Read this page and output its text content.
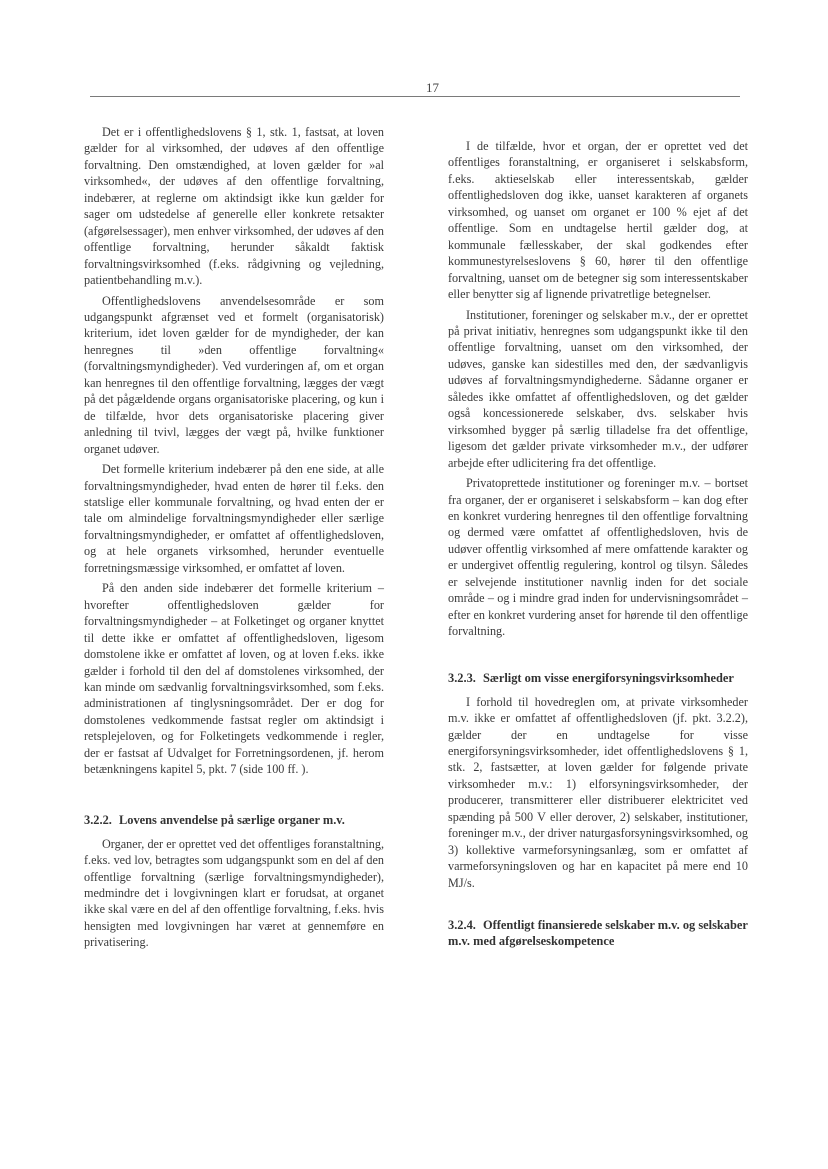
17

Det er i offentlighedslovens § 1, stk. 1, fastsat, at loven gælder for al virksomhed, der udøves af den offentlige forvaltning. Den omstændighed, at loven gælder for »al virksomhed«, der udøves af den offentlige forvaltning, indebærer, at reglerne om aktindsigt ikke kun gælder for sager om udstedelse af generelle eller konkrete retsakter (afgørelsessager), men enhver virksomhed, der udøves af den offentlige forvaltning, herunder såkaldt faktisk forvaltningsvirksomhed (f.eks. rådgivning og vejledning, patientbehandling m.v.).

Offentlighedslovens anvendelsesområde er som udgangspunkt afgrænset ved et formelt (organisatorisk) kriterium, idet loven gælder for de myndigheder, der kan henregnes til »den offentlige forvaltning« (forvaltningsmyndigheder). Ved vurderingen af, om et organ kan henregnes til den offentlige forvaltning, lægges der vægt på det pågældende organs organisatoriske placering, og kun i de tilfælde, hvor dets organisatoriske placering giver anledning til tvivl, lægges der vægt på, hvilke funktioner organet udøver.

Det formelle kriterium indebærer på den ene side, at alle forvaltningsmyndigheder, hvad enten de hører til f.eks. den statslige eller kommunale forvaltning, og hvad enten der er tale om almindelige forvaltningsmyndigheder eller særlige forvaltningsmyndigheder, er omfattet af offentlighedsloven, og at hele organets virksomhed, herunder eventuelle forretningsmæssige virksomhed, er omfattet af loven.

På den anden side indebærer det formelle kriterium – hvorefter offentlighedsloven gælder for forvaltningsmyndigheder – at Folketinget og organer knyttet til dette ikke er omfattet af offentlighedsloven, ligesom domstolene ikke er omfattet af loven, og at loven f.eks. ikke gælder i forhold til den del af domstolenes virksomhed, der kan minde om sædvanlig forvaltningsvirksomhed, som f.eks. administrationen af tinglysningsområdet. Der er dog for domstolenes vedkommende fastsat regler om aktindsigt i retsplejeloven, og for Folketingets vedkommende i regler, der er fastsat af Udvalget for Forretningsordenen, jf. herom betænkningens kapitel 5, pkt. 7 (side 100 ff. ).

3.2.2. Lovens anvendelse på særlige organer m.v.

Organer, der er oprettet ved det offentliges foranstaltning, f.eks. ved lov, betragtes som udgangspunkt som en del af den offentlige forvaltning (særlige forvaltningsmyndigheder), medmindre det i lovgivningen klart er forudsat, at organet ikke skal være en del af den offentlige forvaltning, f.eks. hvis hensigten med lovgivningen har været at gennemføre en privatisering.

I de tilfælde, hvor et organ, der er oprettet ved det offentliges foranstaltning, er organiseret i selskabsform, f.eks. aktieselskab eller interessentskab, gælder offentlighedsloven dog ikke, uanset karakteren af organets virksomhed, og uanset om organet er 100 % ejet af det offentlige. Som en undtagelse hertil gælder dog, at kommunale fællesskaber, der skal godkendes efter kommunestyrelseslovens § 60, hører til den offentlige forvaltning, uanset om de betegner sig som interessentskaber eller benytter sig af lignende privatretlige betegnelser.

Institutioner, foreninger og selskaber m.v., der er oprettet på privat initiativ, henregnes som udgangspunkt ikke til den offentlige forvaltning, uanset om den virksomhed, der udøves, ganske kan sidestilles med den, der sædvanligvis udøves af forvaltningsmyndighederne. Sådanne organer er således ikke omfattet af offentlighedsloven, og det gælder også koncessionerede selskaber, dvs. selskaber hvis virksomhed bygger på særlig tilladelse fra det offentlige, ligesom det gælder private virksomheder m.v., der udfører arbejde efter udlicitering fra det offentlige.

Privatoprettede institutioner og foreninger m.v. – bortset fra organer, der er organiseret i selskabsform – kan dog efter en konkret vurdering henregnes til den offentlige forvaltning og dermed være omfattet af offentlighedsloven, hvis de udøver offentlig virksomhed af mere omfattende karakter og er undergivet offentlig regulering, kontrol og tilsyn. Således er selvejende institutioner navnlig inden for det sociale område – og i mindre grad inden for undervisningsområdet – efter en konkret vurdering anset for hørende til den offentlige forvaltning.

3.2.3. Særligt om visse energiforsyningsvirksomheder

I forhold til hovedreglen om, at private virksomheder m.v. ikke er omfattet af offentlighedsloven (jf. pkt. 3.2.2), gælder der en undtagelse for visse energiforsyningsvirksomheder, idet offentlighedslovens § 1, stk. 2, fastsætter, at loven gælder for følgende private virksomheder m.v.: 1) elforsyningsvirksomheder, der producerer, transmitterer eller distribuerer elektricitet ved spænding på 500 V eller derover, 2) selskaber, institutioner, foreninger m.v., der driver naturgasforsyningsvirksomhed, og 3) kollektive varmeforsyningsanlæg, som er omfattet af varmeforsyningsloven og har en kapacitet på mere end 10 MJ/s.

3.2.4. Offentligt finansierede selskaber m.v. og selskaber m.v. med afgørelseskompetence
